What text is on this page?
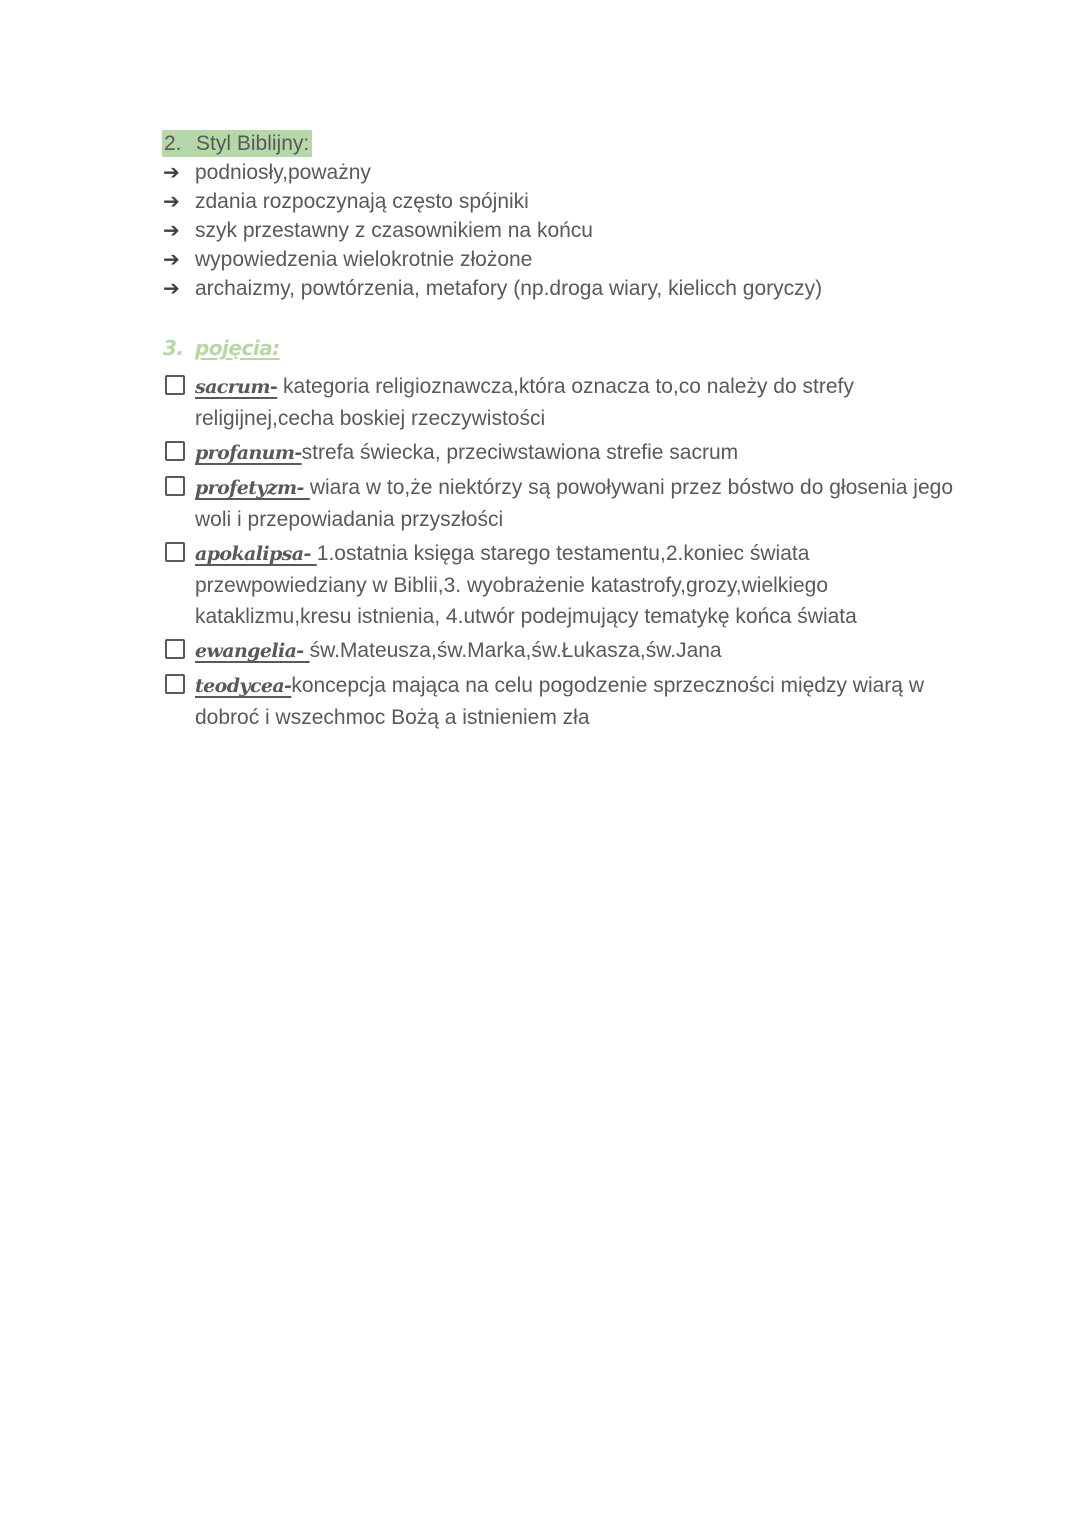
2. Styl Biblijny:
➔ podniosły,poważny
➔ zdania rozpoczynają często spójniki
➔ szyk przestawny z czasownikiem na końcu
➔ wypowiedzenia wielokrotnie złożone
➔ archaizmy, powtórzenia, metafory (np.droga wiary, kielicch goryczy)
3. pojęcia:
sacrum- kategoria religioznawcza,która oznacza to,co należy do strefy religijnej,cecha boskiej rzeczywistości
profanum-strefa świecka, przeciwstawiona strefie sacrum
profetyzm- wiara w to,że niektórzy są powoływani przez bóstwo do głosenia jego woli i przepowiadania przyszłości
apokalipsa- 1.ostatnia księga starego testamentu,2.koniec świata przewpowiedziany w Biblii,3. wyobrażenie katastrofy,grozy,wielkiego kataklizmu,kresu istnienia, 4.utwór podejmujący tematykę końca świata
ewangelia- św.Mateusza,św.Marka,św.Łukasza,św.Jana
teodycea-koncepcja mająca na celu pogodzenie sprzeczności między wiarą w dobroć i wszechmoc Bożą a istnieniem zła
